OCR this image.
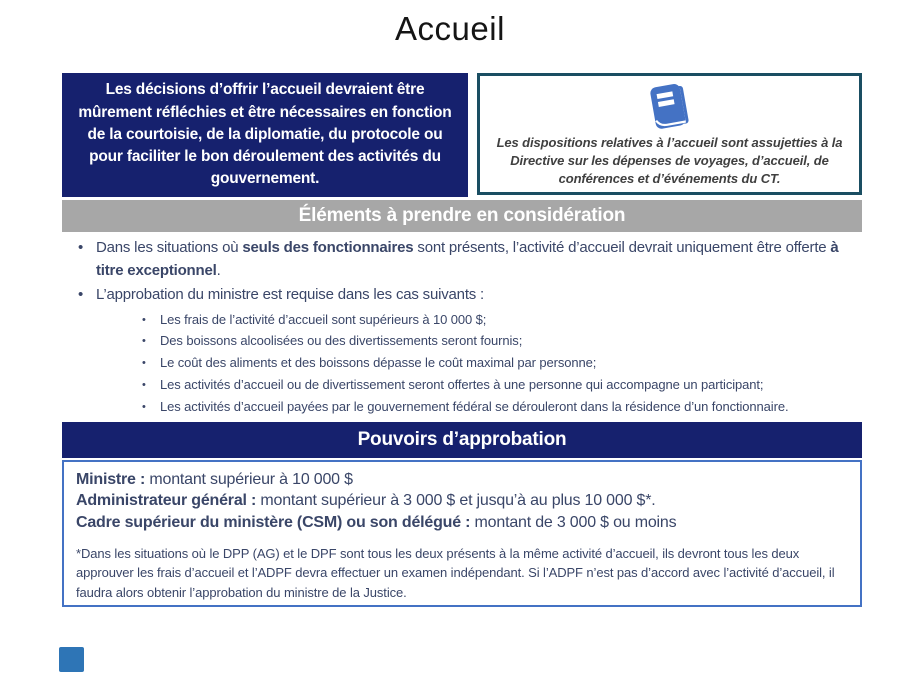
Accueil
Les décisions d’offrir l’accueil devraient être mûrement réfléchies et être nécessaires en fonction de la courtoisie, de la diplomatie, du protocole ou pour faciliter le bon déroulement des activités du gouvernement.
Les dispositions relatives à l’accueil sont assujetties à la Directive sur les dépenses de voyages, d’accueil, de conférences et d’événements du CT.
Éléments à prendre en considération
• Dans les situations où seuls des fonctionnaires sont présents, l’activité d’accueil devrait uniquement être offerte à titre exceptionnel.
• L’approbation du ministre est requise dans les cas suivants :
•	Les frais de l’activité d’accueil sont supérieurs à 10 000 $;
•	Des boissons alcoolisées ou des divertissements seront fournis;
•	Le coût des aliments et des boissons dépasse le coût maximal par personne;
•	Les activités d’accueil ou de divertissement seront offertes à une personne qui accompagne un participant;
•	Les activités d’accueil payées par le gouvernement fédéral se dérouleront dans la résidence d’un fonctionnaire.
Pouvoirs d’approbation
Ministre : montant supérieur à 10 000 $
Administrateur général : montant supérieur à 3 000 $ et jusqu’à au plus 10 000 $*.
Cadre supérieur du ministère (CSM) ou son délégué : montant de 3 000 $ ou moins
*Dans les situations où le DPP (AG) et le DPF sont tous les deux présents à la même activité d’accueil, ils devront tous les deux approuver les frais d’accueil et l’ADPF devra effectuer un examen indépendant. Si l’ADPF n’est pas d’accord avec l’activité d’accueil, il faudra alors obtenir l’approbation du ministre de la Justice.
